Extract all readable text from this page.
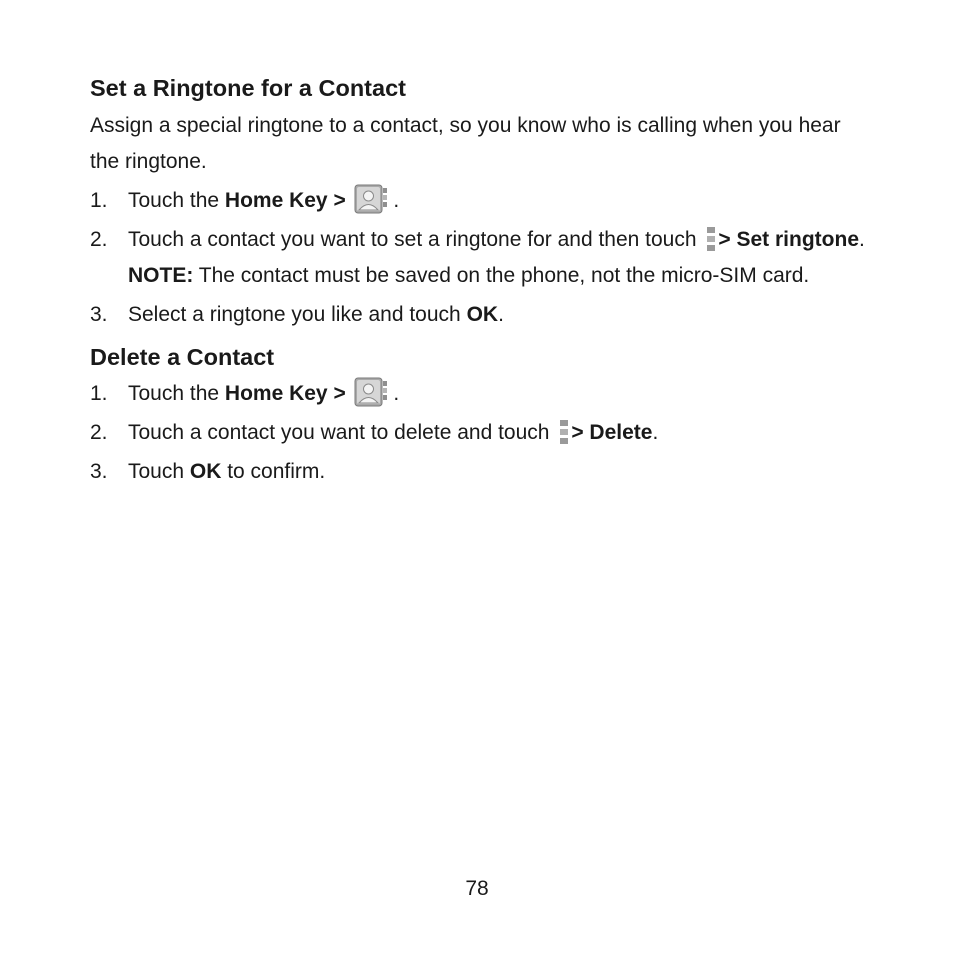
Set a Ringtone for a Contact

Assign a special ringtone to a contact, so you know who is calling when you hear the ringtone.

1. Touch the Home Key > .
2. Touch a contact you want to set a ringtone for and then touch > Set ringtone.
NOTE: The contact must be saved on the phone, not the micro-SIM card.
3. Select a ringtone you like and touch OK.
Delete a Contact
1. Touch the Home Key > .
2. Touch a contact you want to delete and touch > Delete.
3. Touch OK to confirm.
78
